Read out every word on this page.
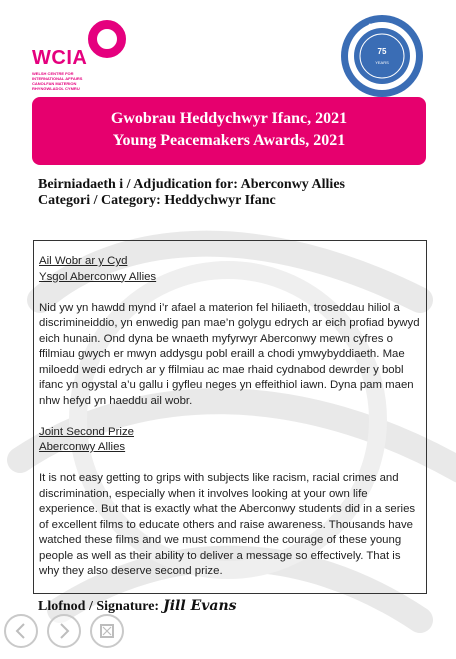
WCIA
WELSH CENTRE FOR
INTERNATIONAL AFFAIRS
CANOLFAN MATERION
RHYNGWLADOL CYMRU
75
YEARS
Gwobrau Heddychwyr Ifanc, 2021
Young Peacemakers Awards, 2021
Beirniadaeth i / Adjudication for: Aberconwy Allies
Categori / Category: Heddychwyr Ifanc
Ail Wobr ar y Cyd
Ysgol Aberconwy Allies

Nid yw yn hawdd mynd i’r afael a materion fel hiliaeth, troseddau hiliol a discrimineiddio, yn enwedig pan mae’n golygu edrych ar eich profiad bywyd eich hunain. Ond dyna be wnaeth myfyrwyr Aberconwy mewn cyfres o ffilmiau gwych er mwyn addysgu pobl eraill a chodi ymwybyddiaeth. Mae miloedd wedi edrych ar y ffilmiau ac mae rhaid cydnabod dewrder y bobl ifanc yn ogystal a’u gallu i gyfleu neges yn effeithiol iawn. Dyna pam maen nhw hefyd yn haeddu ail wobr.

Joint Second Prize
Aberconwy Allies

It is not easy getting to grips with subjects like racism, racial crimes and discrimination, especially when it involves looking at your own life experience. But that is exactly what the Aberconwy students did in a series of excellent films to educate others and raise awareness. Thousands have watched these films and we must commend the courage of these young people as well as their ability to deliver a message so effectively. That is why they also deserve second prize.

Llofnod / Signature: Jill Evans
